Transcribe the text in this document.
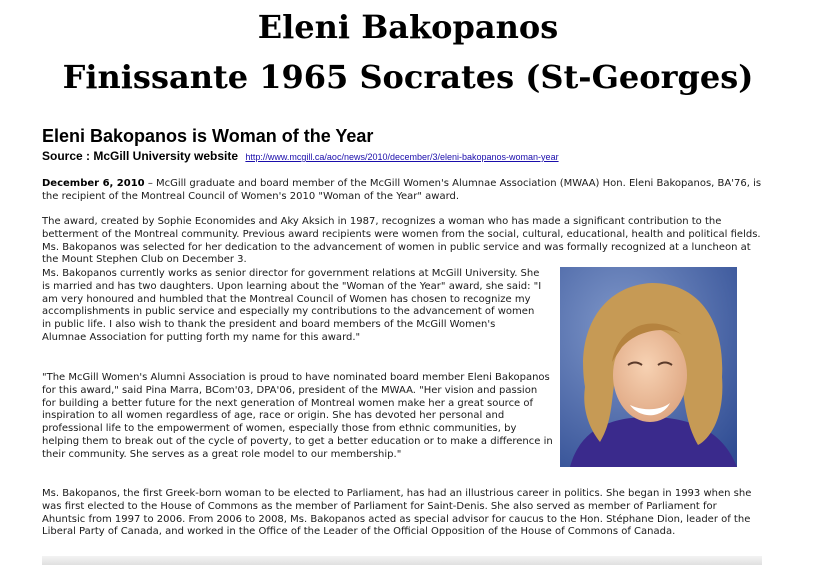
Eleni Bakopanos
Finissante 1965 Socrates (St-Georges)
Eleni Bakopanos is Woman of the Year
Source : McGill University website http://www.mcgill.ca/aoc/news/2010/december/3/eleni-bakopanos-woman-year

December 6, 2010 – McGill graduate and board member of the McGill Women's Alumnae Association (MWAA) Hon. Eleni Bakopanos, BA'76, is the recipient of the Montreal Council of Women's 2010 "Woman of the Year" award.

The award, created by Sophie Economides and Aky Aksich in 1987, recognizes a woman who has made a significant contribution to the betterment of the Montreal community. Previous award recipients were women from the social, cultural, educational, health and political fields. Ms. Bakopanos was selected for her dedication to the advancement of women in public service and was formally recognized at a luncheon at the Mount Stephen Club on December 3.

Ms. Bakopanos currently works as senior director for government relations at McGill University. She is married and has two daughters. Upon learning about the "Woman of the Year" award, she said: "I am very honoured and humbled that the Montreal Council of Women has chosen to recognize my accomplishments in public service and especially my contributions to the advancement of women in public life. I also wish to thank the president and board members of the McGill Women's Alumnae Association for putting forth my name for this award."

"The McGill Women's Alumni Association is proud to have nominated board member Eleni Bakopanos for this award," said Pina Marra, BCom'03, DPA'06, president of the MWAA. "Her vision and passion for building a better future for the next generation of Montreal women make her a great source of inspiration to all women regardless of age, race or origin. She has devoted her personal and professional life to the empowerment of women, especially those from ethnic communities, by helping them to break out of the cycle of poverty, to get a better education or to make a difference in their community. She serves as a great role model to our membership."

Ms. Bakopanos, the first Greek-born woman to be elected to Parliament, has had an illustrious career in politics. She began in 1993 when she was first elected to the House of Commons as the member of Parliament for Saint-Denis. She also served as member of Parliament for Ahuntsic from 1997 to 2006. From 2006 to 2008, Ms. Bakopanos acted as special advisor for caucus to the Hon. Stéphane Dion, leader of the Liberal Party of Canada, and worked in the Office of the Leader of the Official Opposition of the House of Commons of Canada.
